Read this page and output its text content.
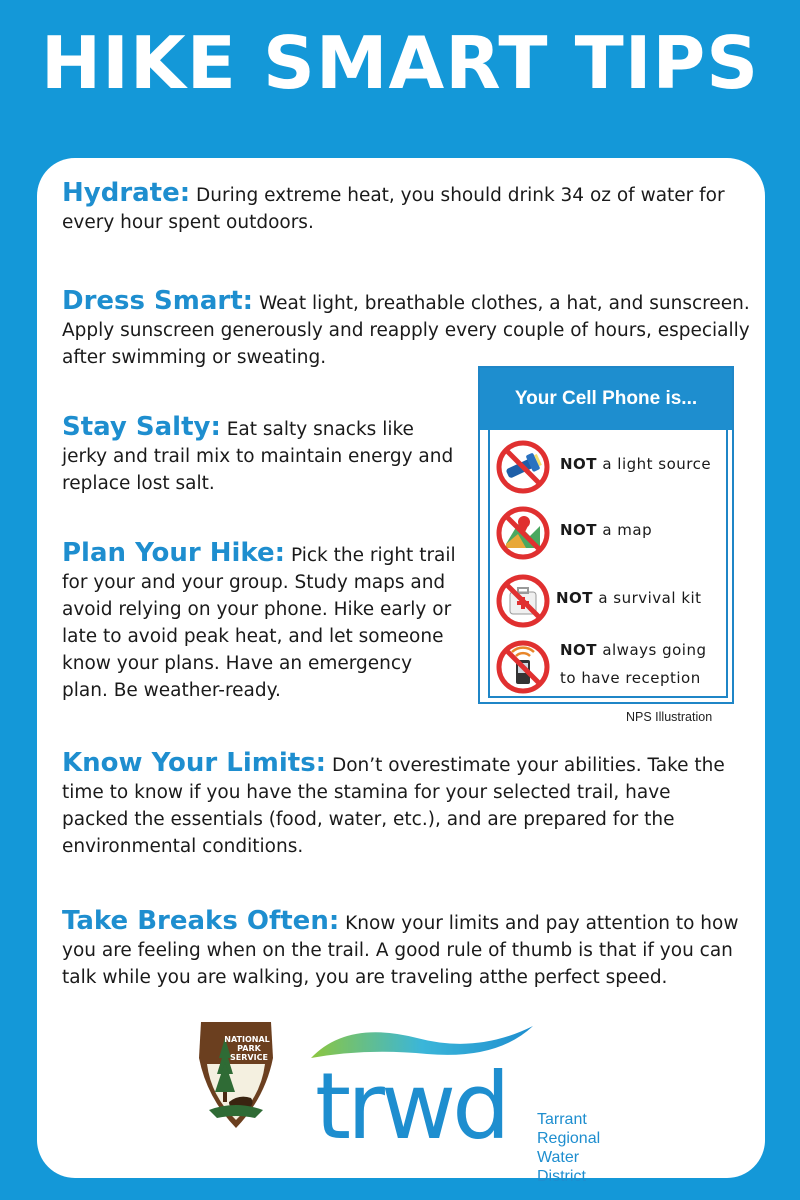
HIKE SMART TIPS
Hydrate: During extreme heat, you should drink 34 oz of water for every hour spent outdoors.
Dress Smart: Weat light, breathable clothes, a hat, and sunscreen. Apply sunscreen generously and reapply every couple of hours, especially after swimming or sweating.
Stay Salty: Eat salty snacks like jerky and trail mix to maintain energy and replace lost salt.
Plan Your Hike: Pick the right trail for your and your group. Study maps and avoid relying on your phone. Hike early or late to avoid peak heat, and let someone know your plans. Have an emergency plan. Be weather-ready.
Know Your Limits: Don’t overestimate your abilities. Take the time to know if you have the stamina for your selected trail, have packed the essentials (food, water, etc.), and are prepared for the environmental conditions.
Take Breaks Often: Know your limits and pay attention to how you are feeling when on the trail. A good rule of thumb is that if you can talk while you are walking, you are traveling atthe perfect speed.
Your Cell Phone is...
NOT a light source
NOT a map
NOT a survival kit
NOT always going
to have reception
NPS Illustration
NATIONAL
PARK
SERVICE trwd Tarrant
Regional
Water
District
